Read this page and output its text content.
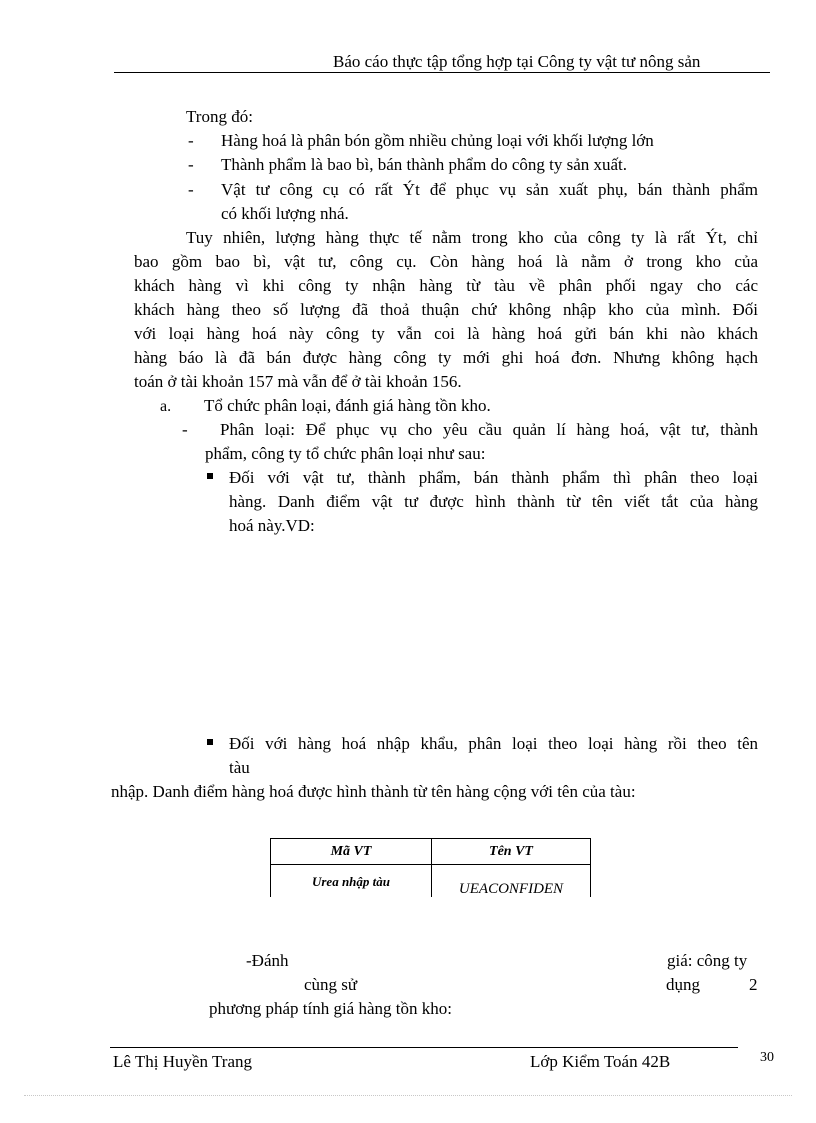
Báo cáo thực tập tổng hợp tại Công ty vật tư nông sản
Trong đó:
- Hàng hoá là phân bón gồm nhiều chủng loại với khối lượng lớn
- Thành phẩm là bao bì, bán thành phẩm do công ty sản xuất.
- Vật tư công cụ có rất Ýt để phục vụ sản xuất phụ, bán thành phẩm
có khối lượng nhá.
Tuy nhiên, lượng hàng thực tế nằm trong kho của công ty là rất Ýt, chỉ
bao gồm bao bì, vật tư, công cụ. Còn hàng hoá là nằm ở trong kho của
khách hàng vì khi công ty nhận hàng từ tàu về phân phối ngay cho các
khách hàng theo số lượng đã thoả thuận chứ không nhập kho của mình. Đối
với loại hàng hoá này công ty vẫn coi là hàng hoá gửi bán khi nào khách
hàng báo là đã bán được hàng công ty mới ghi hoá đơn. Nhưng không hạch
toán ở tài khoản 157 mà vẫn để ở tài khoản 156.
a. Tổ chức phân loại, đánh giá hàng tồn kho.
- Phân loại: Để phục vụ cho yêu cầu quản lí hàng hoá, vật tư, thành
phẩm, công ty tổ chức phân loại như sau:
Đối với vật tư, thành phẩm, bán thành phẩm thì phân theo loại
hàng. Danh điểm vật tư được hình thành từ tên viết tắt của hàng
hoá này.VD:
Đối với hàng hoá nhập khẩu, phân loại theo loại hàng rồi theo tên
tàu
nhập. Danh điểm hàng hoá được hình thành từ tên hàng cộng với tên của tàu:
Mã VT	Tên VT
Urea nhập tàu	UEACONFIDEN
-Đánh	giá: công ty
cùng sử	dụng	2
phương pháp tính giá hàng tồn kho:
Lê Thị Huyền Trang	Lớp Kiểm Toán 42B	30
